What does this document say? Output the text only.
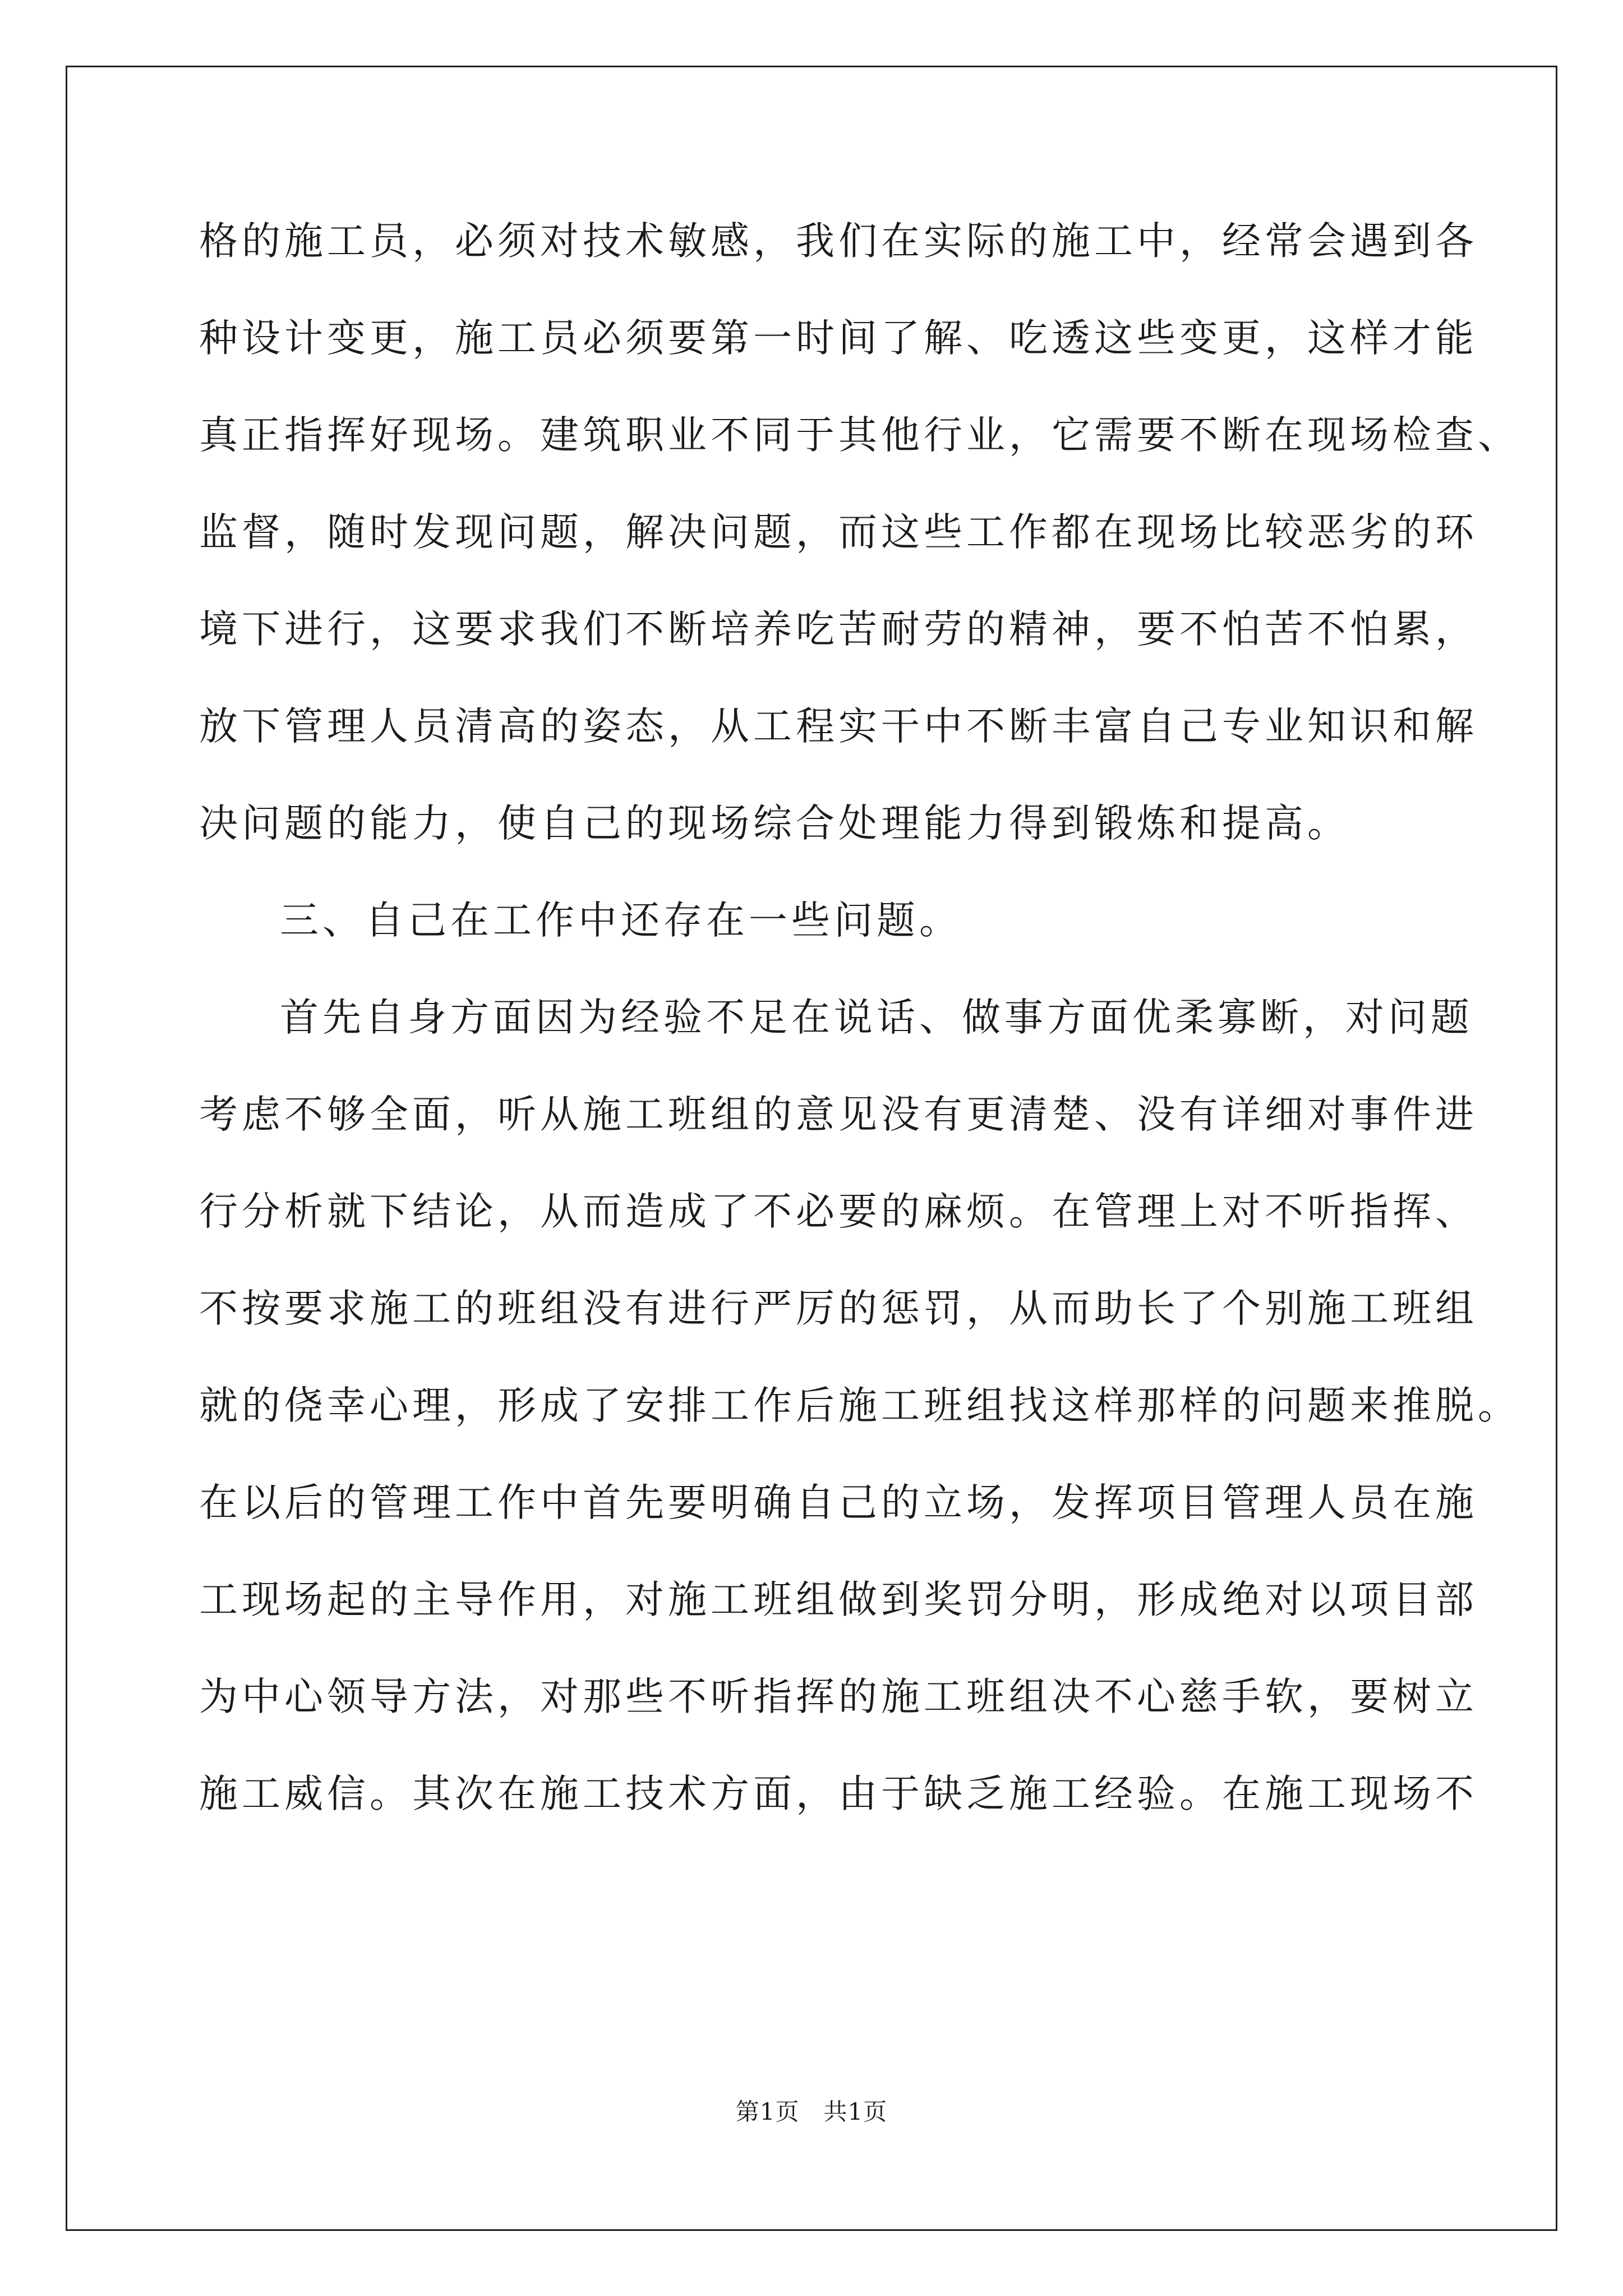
格的施工员，必须对技术敏感，我们在实际的施工中，经常会遇到各
种设计变更，施工员必须要第一时间了解、吃透这些变更，这样才能
真正指挥好现场。建筑职业不同于其他行业，它需要不断在现场检查、
监督，随时发现问题，解决问题，而这些工作都在现场比较恶劣的环
境下进行，这要求我们不断培养吃苦耐劳的精神，要不怕苦不怕累，
放下管理人员清高的姿态，从工程实干中不断丰富自己专业知识和解
决问题的能力，使自己的现场综合处理能力得到锻炼和提高。
三、自己在工作中还存在一些问题。
首先自身方面因为经验不足在说话、做事方面优柔寡断，对问题
考虑不够全面，听从施工班组的意见没有更清楚、没有详细对事件进
行分析就下结论，从而造成了不必要的麻烦。在管理上对不听指挥、
不按要求施工的班组没有进行严厉的惩罚，从而助长了个别施工班组
就的侥幸心理，形成了安排工作后施工班组找这样那样的问题来推脱。
在以后的管理工作中首先要明确自己的立场，发挥项目管理人员在施
工现场起的主导作用，对施工班组做到奖罚分明，形成绝对以项目部
为中心领导方法，对那些不听指挥的施工班组决不心慈手软，要树立
施工威信。其次在施工技术方面，由于缺乏施工经验。在施工现场不
第1页   共1页
